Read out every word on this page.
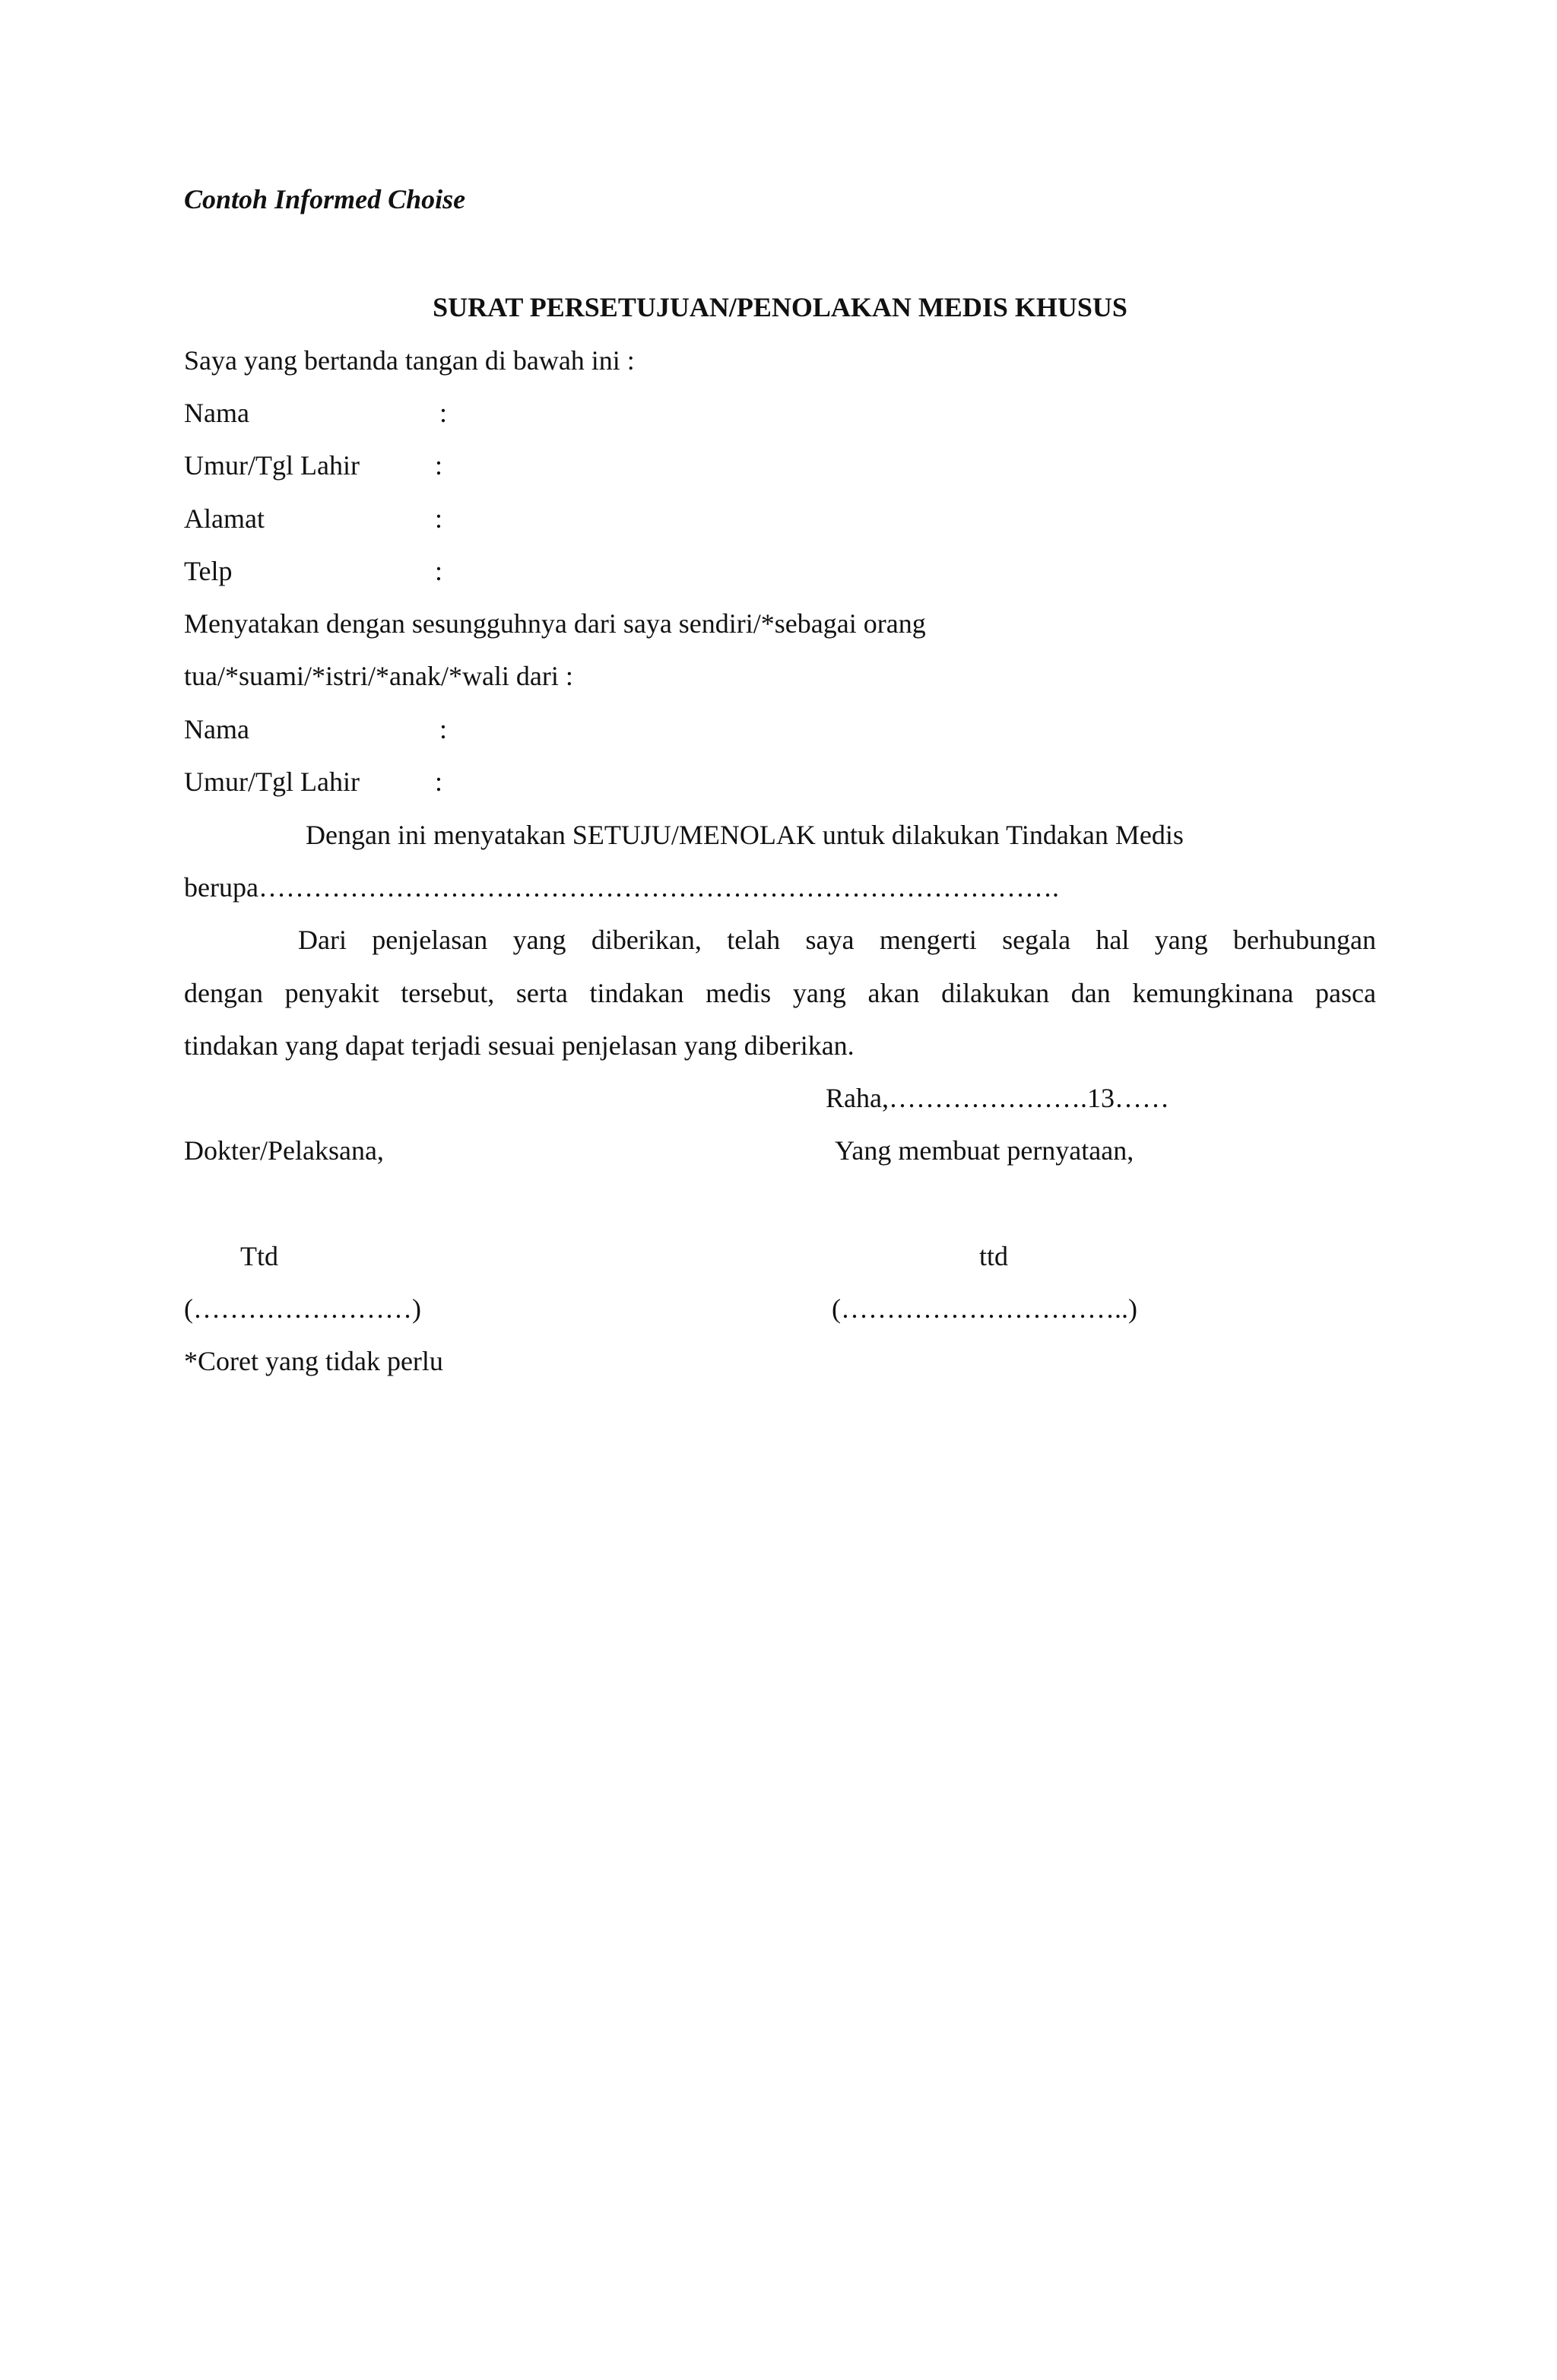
Contoh Informed Choise
SURAT PERSETUJUAN/PENOLAKAN MEDIS KHUSUS
Saya yang bertanda tangan di bawah ini :
Nama	:
Umur/Tgl Lahir	:
Alamat	:
Telp	:
Menyatakan dengan sesungguhnya dari saya sendiri/*sebagai orang
tua/*suami/*istri/*anak/*wali dari :
Nama	:
Umur/Tgl Lahir	:
Dengan ini menyatakan SETUJU/MENOLAK untuk dilakukan Tindakan Medis
berupa…………………………………………………………………………….
Dari penjelasan yang diberikan, telah saya mengerti segala hal yang berhubungan
dengan penyakit tersebut, serta tindakan medis yang akan dilakukan dan kemungkinana pasca
tindakan yang dapat terjadi sesuai penjelasan yang diberikan.
Raha,………………….13……
Dokter/Pelaksana,	Yang membuat pernyataan,
Ttd	ttd
(……………………)	(…………………………..)
*Coret yang tidak perlu
